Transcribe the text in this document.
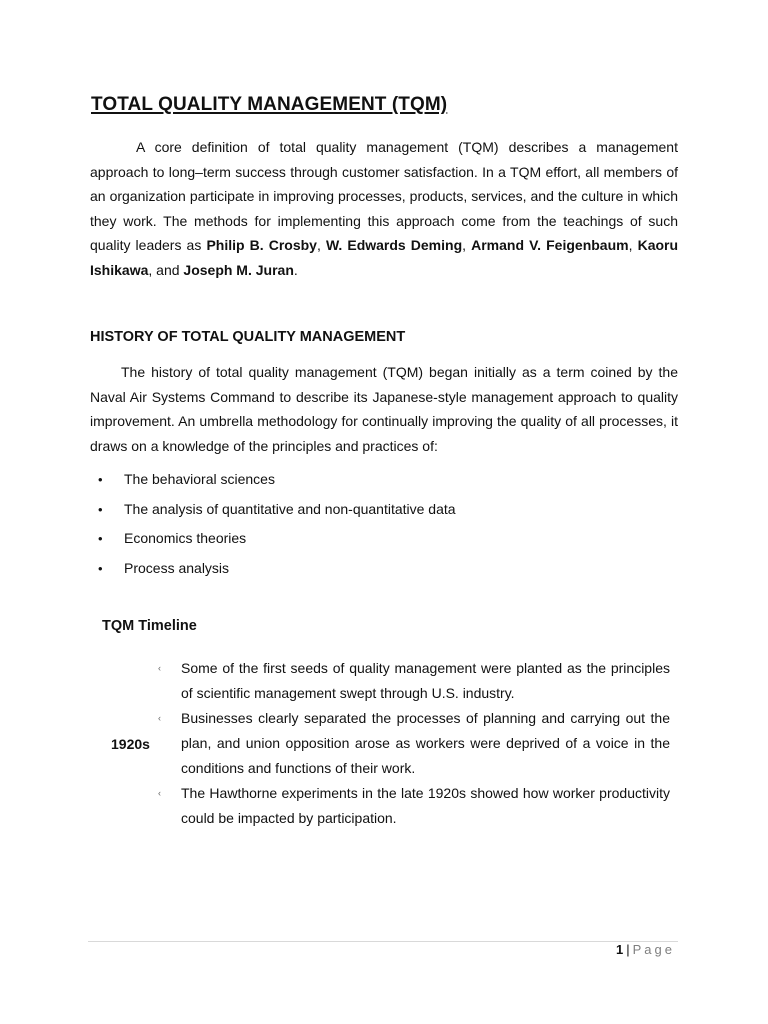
TOTAL QUALITY MANAGEMENT (TQM)

A core definition of total quality management (TQM) describes a management approach to long–term success through customer satisfaction. In a TQM effort, all members of an organization participate in improving processes, products, services, and the culture in which they work. The methods for implementing this approach come from the teachings of such quality leaders as Philip B. Crosby, W. Edwards Deming, Armand V. Feigenbaum, Kaoru Ishikawa, and Joseph M. Juran.

HISTORY OF TOTAL QUALITY MANAGEMENT

The history of total quality management (TQM) began initially as a term coined by the Naval Air Systems Command to describe its Japanese-style management approach to quality improvement. An umbrella methodology for continually improving the quality of all processes, it draws on a knowledge of the principles and practices of:

• The behavioral sciences
• The analysis of quantitative and non-quantitative data
• Economics theories
• Process analysis
TQM Timeline
1920s
‹ Some of the first seeds of quality management were planted as the principles of scientific management swept through U.S. industry.
‹ Businesses clearly separated the processes of planning and carrying out the plan, and union opposition arose as workers were deprived of a voice in the conditions and functions of their work.
‹ The Hawthorne experiments in the late 1920s showed how worker productivity could be impacted by participation.
1 | Page
